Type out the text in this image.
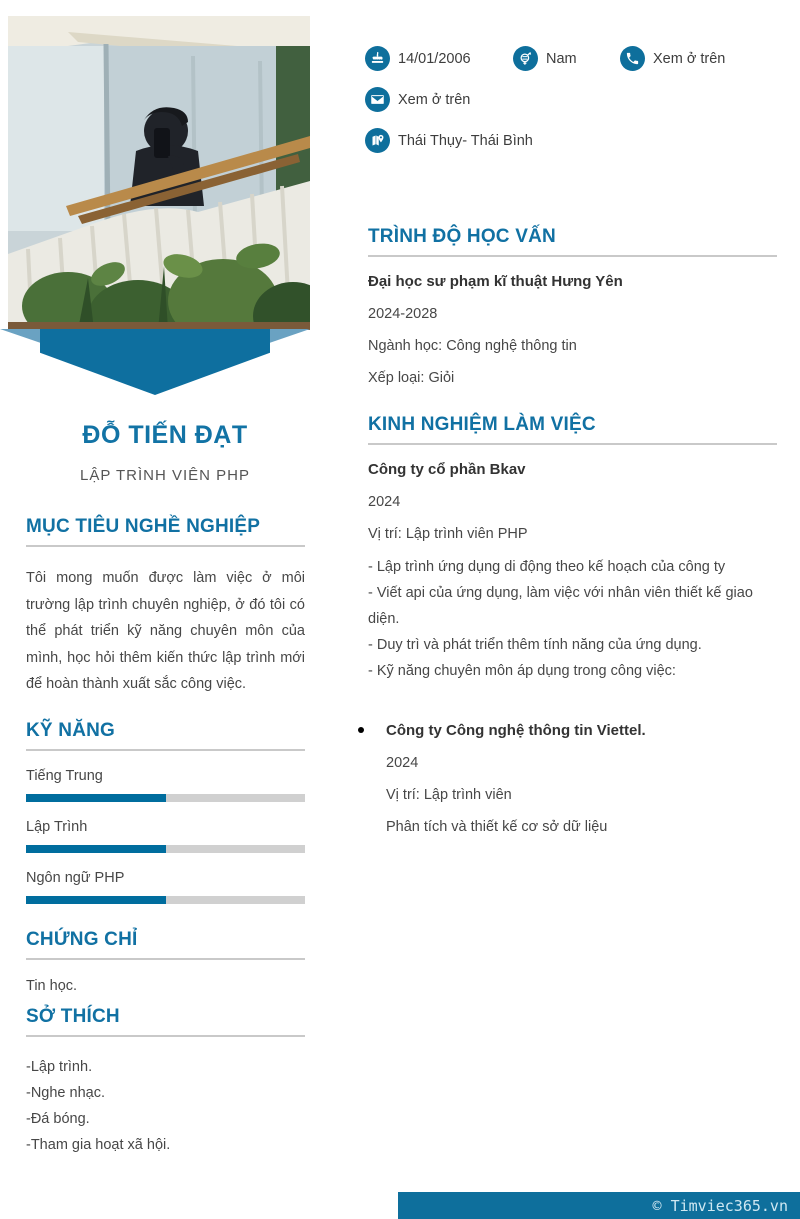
ĐỖ TIẾN ĐẠT
LẬP TRÌNH VIÊN PHP
MỤC TIÊU NGHỀ NGHIỆP
Tôi mong muốn được làm việc ở môi trường lập trình chuyên nghiệp, ở đó tôi có thể phát triển kỹ năng chuyên môn của mình, học hỏi thêm kiến thức lập trình mới để hoàn thành xuất sắc công việc.
KỸ NĂNG
Tiếng Trung
Lập Trình
Ngôn ngữ PHP
CHỨNG CHỈ
Tin học.
SỞ THÍCH
-Lập trình.
-Nghe nhạc.
-Đá bóng.
-Tham gia hoạt xã hội.
14/01/2006	Nam	Xem ở trên
Xem ở trên
Thái Thụy- Thái Bình
TRÌNH ĐỘ HỌC VẤN
Đại học sư phạm kĩ thuật Hưng Yên
2024-2028
Ngành học: Công nghệ thông tin
Xếp loại: Giỏi
KINH NGHIỆM LÀM VIỆC
Công ty cổ phần Bkav
2024
Vị trí: Lập trình viên PHP
- Lập trình ứng dụng di động theo kế hoạch của công ty
- Viết api của ứng dụng, làm việc với nhân viên thiết kế giao diện.
- Duy trì và phát triển thêm tính năng của ứng dụng.
- Kỹ năng chuyên môn áp dụng trong công việc:
Công ty Công nghệ thông tin Viettel.
2024
Vị trí: Lập trình viên
Phân tích và thiết kế cơ sở dữ liệu
© Timviec365.vn
